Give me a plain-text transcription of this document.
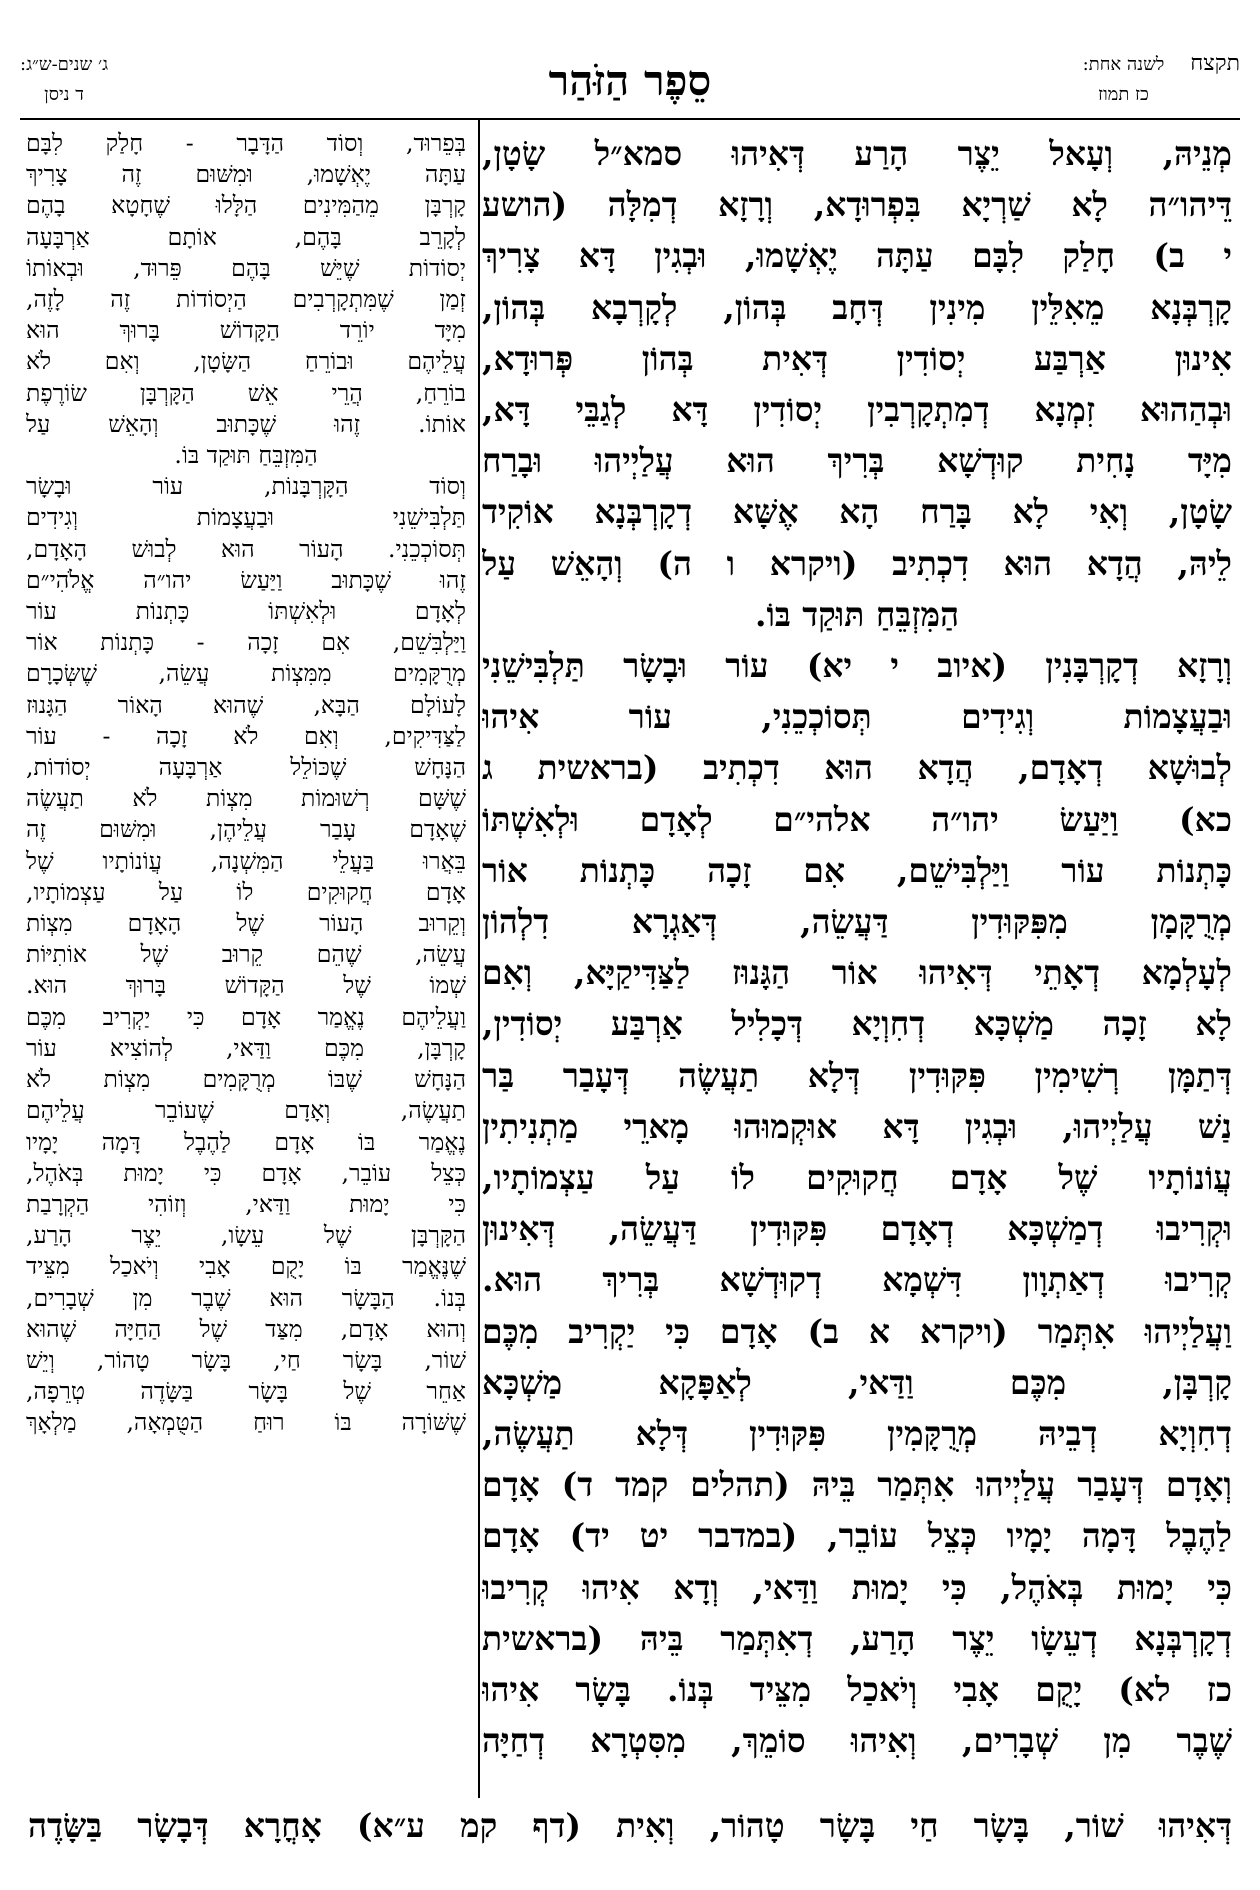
תקצח
לשנה אחת:
כז תמוז
סֵפֶר הַזֹּהַר
ג׳ שנים-ש״ג:
ד ניסן
מְנֵיהּ, וְעָאל יֵצֶר הָרַע דְּאִיהוּ סמא״ל שָׂטָן,
דֵּיהו״ה לָא שַׁרְיָא בִּפְרוּדָא, וְרָזָא דְמִלָּה (הושע
י ב) חָלַק לִבָּם עַתָּה יֶאְשָׁמוּ, וּבְגִין דָּא צָרִיךְ
קָרְבְּנָא מֵאִלֵּין מִינִין דְּחָב בְּהוֹן, לְקָרְבָא בְּהוֹן,
אִינוּן אַרְבַּע יְסוֹדִין דְּאִית בְּהוֹן פְּרוּדָא,
וּבְהַהוּא זִמְנָא דְמִתְקָרְבִין יְסוֹדִין דָּא לְגַבֵּי דָּא,
מִיָּד נָחִית קוּדְשָׁא בְּרִיךְ הוּא עֲלַיְיהוּ וּבָרַח
שָׂטָן, וְאִי לָא בָּרַח הָא אֶשָּׁא דְקָרְבְּנָא אוֹקִיד
לֵיהּ, הֲדָא הוּא דִכְתִיב (ויקרא ו ה) וְהָאֵשׁ עַל
הַמִּזְבֵּחַ תּוּקַד בּוֹ.
וְרָזָא דְקָרְבָּנִין (איוב י יא) עוֹר וּבָשָׂר תַּלְבִּישֵׁנִי
וּבַעֲצָמוֹת וְגִידִים תְּסוֹכְכֵנִי, עוֹר אִיהוּ
לְבוּשָׁא דְאָדָם, הֲדָא הוּא דִכְתִיב (בראשית ג
כא) וַיַּעַשׂ יהו״ה אלהי״ם לְאָדָם וּלְאִשְׁתּוֹ
כָּתְנוֹת עוֹר וַיַּלְבִּישֵׁם, אִם זָכָה כָּתְנוֹת אוֹר
מְרֻקָּמָן מִפִּקּוּדִין דַּעֲשֵׂה, דְּאַגְרָא דִלְהוֹן
לְעָלְמָא דְאָתֵי דְּאִיהוּ אוֹר הַגָּנוּז לַצַּדִּיקַיָּא, וְאִם
לָא זָכָה מַשְׁכָּא דְחִוְיָא דְּכָלִיל אַרְבַּע יְסוֹדִין,
דְּתַמָּן רְשִׁימִין פִּקּוּדִין דְּלָא תַעֲשֶׂה דְּעָבַר בַּר
נַשׁ עֲלַיְיהוּ, וּבְגִין דָּא אוּקְמוּהוּ מָארֵי מַתְנִיתִין
עֲוֹנוֹתָיו שֶׁל אָדָם חֲקוּקִים לוֹ עַל עַצְמוֹתָיו,
וּקְרִיבוּ דְמַשְׁכָּא דְאָדָם פִּקּוּדִין דַּעֲשֵׂה, דְּאִינוּן
קְרִיבוּ דְאַתְוָון דִּשְׁמָא דְקוּדְשָׁא בְּרִיךְ הוּא.
וַעֲלַיְיהוּ אִתְּמַר (ויקרא א ב) אָדָם כִּי יַקְרִיב מִכֶּם
קָרְבָּן, מִכֶּם וַדַּאי, לְאַפָּקָא מַשְׁכָּא
דְחִוְיָא דְבֵיהּ מְרֻקָּמִין פִּקּוּדִין דְּלָא תַעֲשֶׂה,
וְאָדָם דְּעָבַר עֲלַיְיהוּ אִתְּמַר בֵּיהּ (תהלים קמד ד) אָדָם
לַהֶבֶל דָּמָה יָמָיו כְּצֵל עוֹבֵר, (במדבר יט יד) אָדָם
כִּי יָמוּת בְּאֹהֶל, כִּי יָמוּת וַדַּאי, וְדָא אִיהוּ קְרִיבוּ
דְקָרְבְּנָא דְעֵשָׂו יֵצֶר הָרַע, דְאִתְּמַר בֵּיהּ (בראשית
כז לא) יָקֻם אָבִי וְיֹאכַל מִצֵּיד בְּנוֹ. בָּשָׂר אִיהוּ
שֶׁבֶר מִן שְׁבָרִים, וְאִיהוּ סוֹמֵךְ, מִסִּטְרָא דְחַיָּה
בְּפֵרוּד, וְסוֹד הַדָּבָר - חָלַק לִבָּם
עַתָּה יֶאְשָׁמוּ, וּמִשּׁוּם זֶה צָרִיךְ
קָרְבָּן מֵהַמִּינִים הַלָּלוּ שֶׁחָטָא בָהֶם
לְקָרֵב בָּהֶם, אוֹתָם אַרְבָּעָה
יְסוֹדוֹת שֶׁיֵּשׁ בָּהֶם פֵּרוּד, וּבְאוֹתוֹ
זְמַן שֶׁמִּתְקָרְבִים הַיְסוֹדוֹת זֶה לָזֶה,
מִיָּד יוֹרֵד הַקָּדוֹשׁ בָּרוּךְ הוּא
עֲלֵיהֶם וּבוֹרֵחַ הַשָּׂטָן, וְאִם לֹא
בוֹרֵחַ, הֲרֵי אֵשׁ הַקָּרְבָּן שׂוֹרֶפֶת
אוֹתוֹ. זֶהוּ שֶׁכָּתוּב וְהָאֵשׁ עַל
הַמִּזְבֵּחַ תּוּקַד בּוֹ.
וְסוֹד הַקָּרְבָּנוֹת, עוֹר וּבָשָׂר
תַּלְבִּישֵׁנִי וּבַעֲצָמוֹת וְגִידִים
תְּסוֹכְכֵנִי. הָעוֹר הוּא לְבוּשׁ הָאָדָם,
זֶהוּ שֶׁכָּתוּב וַיַּעַשׂ יהו״ה אֱלֹהִי״ם
לְאָדָם וּלְאִשְׁתּוֹ כָּתְנוֹת עוֹר
וַיַּלְבִּשֵׁם, אִם זָכָה - כָּתְנוֹת אוֹר
מְרֻקָּמִים מִמִּצְוֹת עֲשֵׂה, שֶׁשְּׂכָרָם
לָעוֹלָם הַבָּא, שֶׁהוּא הָאוֹר הַגָּנוּז
לַצַּדִּיקִים, וְאִם לֹא זָכָה - עוֹר
הַנָּחָשׁ שֶׁכּוֹלֵל אַרְבָּעָה יְסוֹדוֹת,
שֶׁשָּׁם רְשׁוּמוֹת מִצְוֹת לֹא תַעֲשֶׂה
שֶׁאָדָם עָבַר עֲלֵיהֶן, וּמִשּׁוּם זֶה
בֵּאֲרוּ בַּעֲלֵי הַמִּשְׁנָה, עֲוֹנוֹתָיו שֶׁל
אָדָם חֲקוּקִים לוֹ עַל עַצְמוֹתָיו,
וְקֵרוּב הָעוֹר שֶׁל הָאָדָם מִצְוֹת
עֲשֵׂה, שֶׁהֵם קֵרוּב שֶׁל אוֹתִיּוֹת
שְׁמוֹ שֶׁל הַקָּדוֹשׁ בָּרוּךְ הוּא.
וַעֲלֵיהֶם נֶאֱמַר אָדָם כִּי יַקְרִיב מִכֶּם
קָרְבָּן, מִכֶּם וַדַּאי, לְהוֹצִיא עוֹר
הַנָּחָשׁ שֶׁבּוֹ מְרֻקָּמִים מִצְוֹת לֹא
תַעֲשֶׂה, וְאָדָם שֶׁעוֹבֵר עֲלֵיהֶם
נֶאֱמַר בּוֹ אָדָם לַהֶבֶל דָּמָה יָמָיו
כְּצֵל עוֹבֵר, אָדָם כִּי יָמוּת בְּאֹהֶל,
כִּי יָמוּת וַדַּאי, וְזוֹהִי הַקְרָבַת
הַקָּרְבָּן שֶׁל עֵשָׂו, יֵצֶר הָרַע,
שֶׁנֶּאֱמַר בּוֹ יָקֻם אָבִי וְיֹאכַל מִצֵּיד
בְּנוֹ. הַבָּשָׂר הוּא שֶׁבֶר מִן שְׁבָרִים,
וְהוּא אָדָם, מִצַּד שֶׁל הַחַיָּה שֶׁהוּא
שׁוֹר, בָּשָׂר חַי, בָּשָׂר טָהוֹר, וְיֵשׁ
אַחֵר שֶׁל בָּשָׂר בַּשָּׂדֶה טְרֵפָה,
שֶׁשּׁוֹרָה בּוֹ רוּחַ הַטֻּמְאָה, מַלְאָךְ
דְּאִיהוּ שׁוֹר, בָּשָׂר חַי בָּשָׂר טָהוֹר, וְאִית (דף קמ ע״א) אָחֳרָא דְּבָשָׂר בַּשָּׂדֶה
